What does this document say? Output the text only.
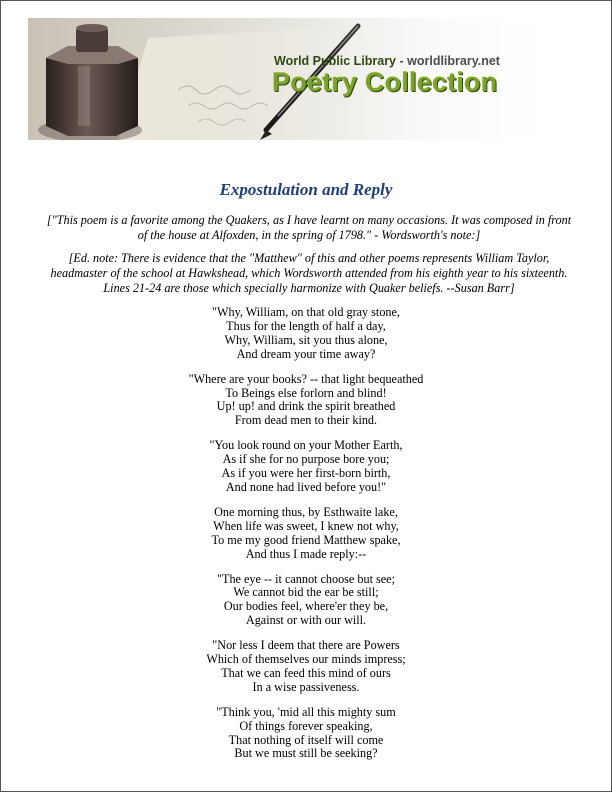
World Public Library - worldlibrary.net
Poetry Collection
Expostulation and Reply
["This poem is a favorite among the Quakers, as I have learnt on many occasions. It was composed in front of the house at Alfoxden, in the spring of 1798." - Wordsworth's note:]
[Ed. note: There is evidence that the "Matthew" of this and other poems represents William Taylor, headmaster of the school at Hawkshead, which Wordsworth attended from his eighth year to his sixteenth. Lines 21-24 are those which specially harmonize with Quaker beliefs. --Susan Barr]
"Why, William, on that old gray stone,
Thus for the length of half a day,
Why, William, sit you thus alone,
And dream your time away?
"Where are your books? -- that light bequeathed
To Beings else forlorn and blind!
Up! up! and drink the spirit breathed
From dead men to their kind.
"You look round on your Mother Earth,
As if she for no purpose bore you;
As if you were her first-born birth,
And none had lived before you!"
One morning thus, by Esthwaite lake,
When life was sweet, I knew not why,
To me my good friend Matthew spake,
And thus I made reply:--
"The eye -- it cannot choose but see;
We cannot bid the ear be still;
Our bodies feel, where'er they be,
Against or with our will.
"Nor less I deem that there are Powers
Which of themselves our minds impress;
That we can feed this mind of ours
In a wise passiveness.
"Think you, 'mid all this mighty sum
Of things forever speaking,
That nothing of itself will come
But we must still be seeking?
